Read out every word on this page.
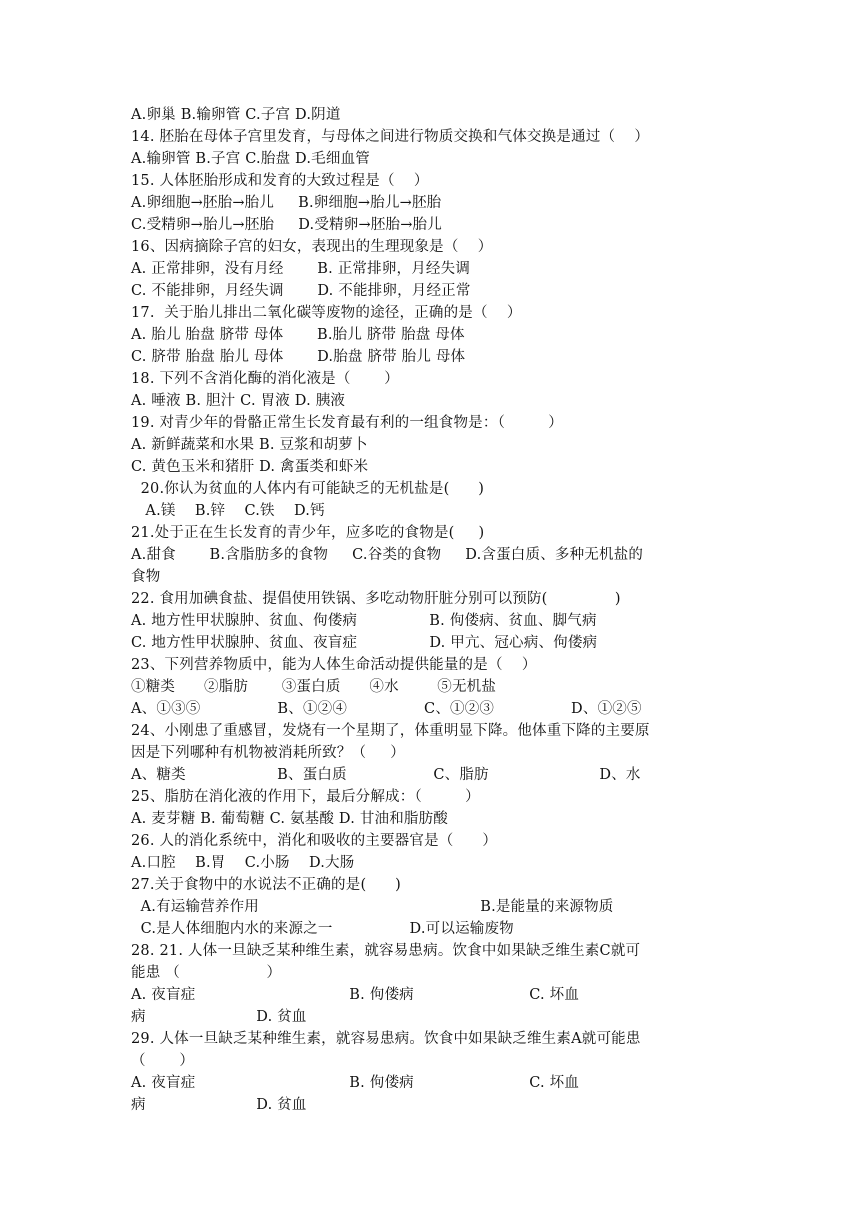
A.卵巢 B.输卵管 C.子宫 D.阴道
14. 胚胎在母体子宫里发育，与母体之间进行物质交换和气体交换是通过（    ）
A.输卵管 B.子宫 C.胎盘 D.毛细血管
15. 人体胚胎形成和发育的大致过程是（    ）
A.卵细胞→胚胎→胎儿     B.卵细胞→胎儿→胚胎
C.受精卵→胎儿→胚胎     D.受精卵→胚胎→胎儿
16、因病摘除子宫的妇女，表现出的生理现象是（    ）
A. 正常排卵，没有月经       B. 正常排卵，月经失调
C. 不能排卵，月经失调       D. 不能排卵，月经正常
17.  关于胎儿排出二氧化碳等废物的途径，正确的是（    ）
A. 胎儿 胎盘 脐带 母体       B.胎儿 脐带 胎盘 母体
C. 脐带 胎盘 胎儿 母体       D.胎盘 脐带 胎儿 母体
18. 下列不含消化酶的消化液是（       ）
A. 唾液 B. 胆汁 C. 胃液 D. 胰液
19. 对青少年的骨骼正常生长发育最有利的一组食物是：（         ）
A. 新鲜蔬菜和水果 B. 豆浆和胡萝卜
C. 黄色玉米和猪肝 D. 禽蛋类和虾米
20.你认为贫血的人体内有可能缺乏的无机盐是(      )
A.镁    B.锌    C.铁    D.钙
21.处于正在生长发育的青少年，应多吃的食物是(     )
A.甜食       B.含脂肪多的食物     C.谷类的食物     D.含蛋白质、多种无机盐的
食物
22. 食用加碘食盐、提倡使用铁锅、多吃动物肝脏分别可以预防(              )
A. 地方性甲状腺肿、贫血、佝偻病               B. 佝偻病、贫血、脚气病
C. 地方性甲状腺肿、贫血、夜盲症               D. 甲亢、冠心病、佝偻病
23、下列营养物质中，能为人体生命活动提供能量的是（    ）
①糖类      ②脂肪       ③蛋白质      ④水        ⑤无机盐
A、①③⑤                B、①②④                C、①②③                D、①②⑤
24、小刚患了重感冒，发烧有一个星期了，体重明显下降。他体重下降的主要原
因是下列哪种有机物被消耗所致？（     ）
A、糖类                   B、蛋白质                  C、脂肪                       D、水
25、脂肪在消化液的作用下，最后分解成：（         ）
A. 麦芽糖 B. 葡萄糖 C. 氨基酸 D. 甘油和脂肪酸
26. 人的消化系统中，消化和吸收的主要器官是（      ）
A.口腔    B.胃    C.小肠    D.大肠
27.关于食物中的水说法不正确的是(      )
A.有运输营养作用                                              B.是能量的来源物质
C.是人体细胞内水的来源之一                D.可以运输废物
28. 21. 人体一旦缺乏某种维生素，就容易患病。饮食中如果缺乏维生素C就可
能患 （                  ）
A. 夜盲症                                B. 佝偻病                        C. 坏血
病                       D. 贫血
29. 人体一旦缺乏某种维生素，就容易患病。饮食中如果缺乏维生素A就可能患
（       ）
A. 夜盲症                                B. 佝偻病                        C. 坏血
病                       D. 贫血
